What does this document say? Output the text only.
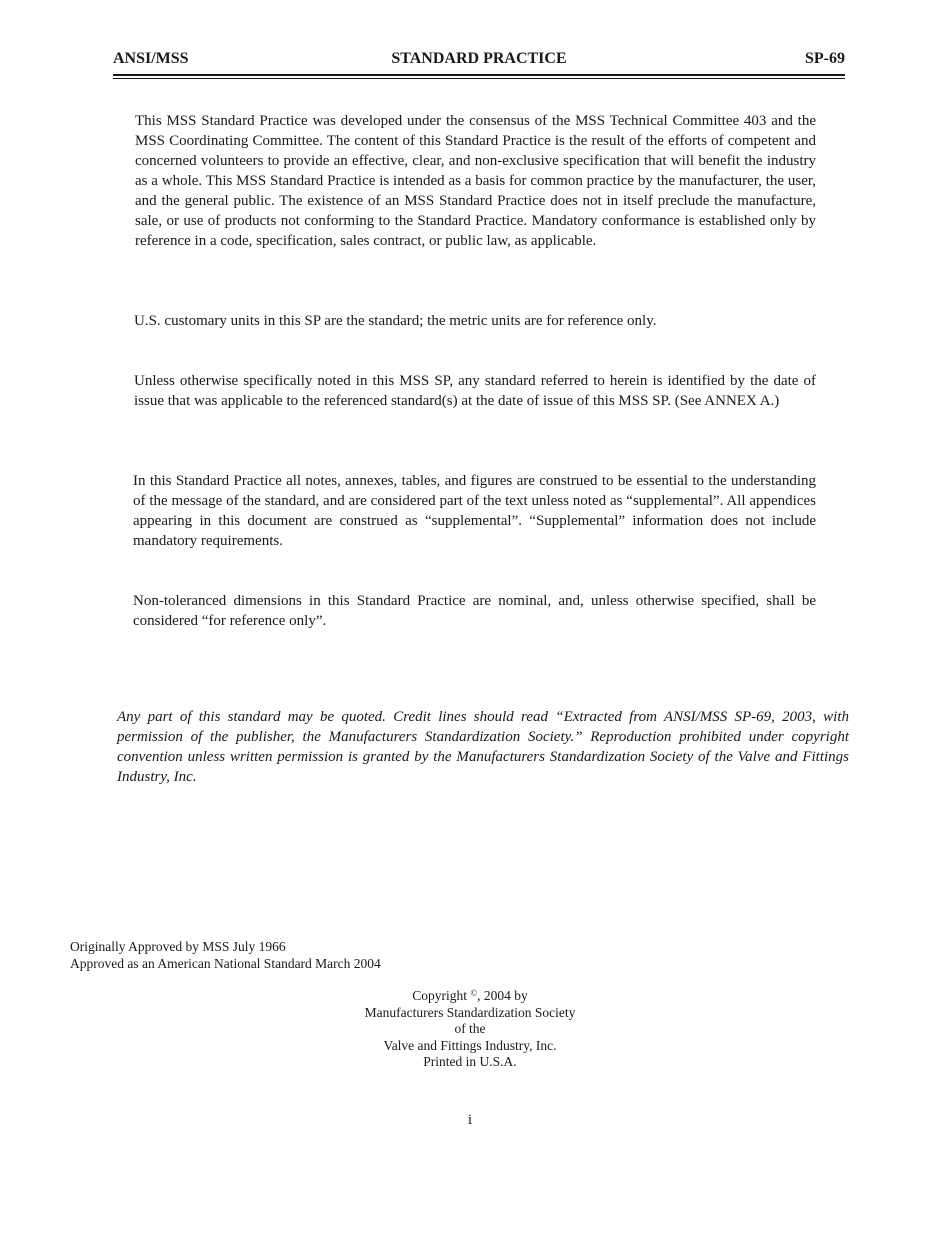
ANSI/MSS	STANDARD PRACTICE	SP-69

This MSS Standard Practice was developed under the consensus of the MSS Technical Committee 403 and the MSS Coordinating Committee. The content of this Standard Practice is the result of the efforts of competent and concerned volunteers to provide an effective, clear, and non-exclusive specification that will benefit the industry as a whole. This MSS Standard Practice is intended as a basis for common practice by the manufacturer, the user, and the general public. The existence of an MSS Standard Practice does not in itself preclude the manufacture, sale, or use of products not conforming to the Standard Practice. Mandatory conformance is established only by reference in a code, specification, sales contract, or public law, as applicable.

U.S. customary units in this SP are the standard; the metric units are for reference only.

Unless otherwise specifically noted in this MSS SP, any standard referred to herein is identified by the date of issue that was applicable to the referenced standard(s) at the date of issue of this MSS SP. (See ANNEX A.)

In this Standard Practice all notes, annexes, tables, and figures are construed to be essential to the understanding of the message of the standard, and are considered part of the text unless noted as “supplemental”. All appendices appearing in this document are construed as “supplemental”. “Supplemental” information does not include mandatory requirements.

Non-toleranced dimensions in this Standard Practice are nominal, and, unless otherwise specified, shall be considered “for reference only”.

Any part of this standard may be quoted. Credit lines should read “Extracted from ANSI/MSS SP-69, 2003, with permission of the publisher, the Manufacturers Standardization Society.” Reproduction prohibited under copyright convention unless written permission is granted by the Manufacturers Standardization Society of the Valve and Fittings Industry, Inc.

Originally Approved by MSS July 1966
Approved as an American National Standard March 2004
Copyright ©, 2004 by
Manufacturers Standardization Society
of the
Valve and Fittings Industry, Inc.
Printed in U.S.A.
i
